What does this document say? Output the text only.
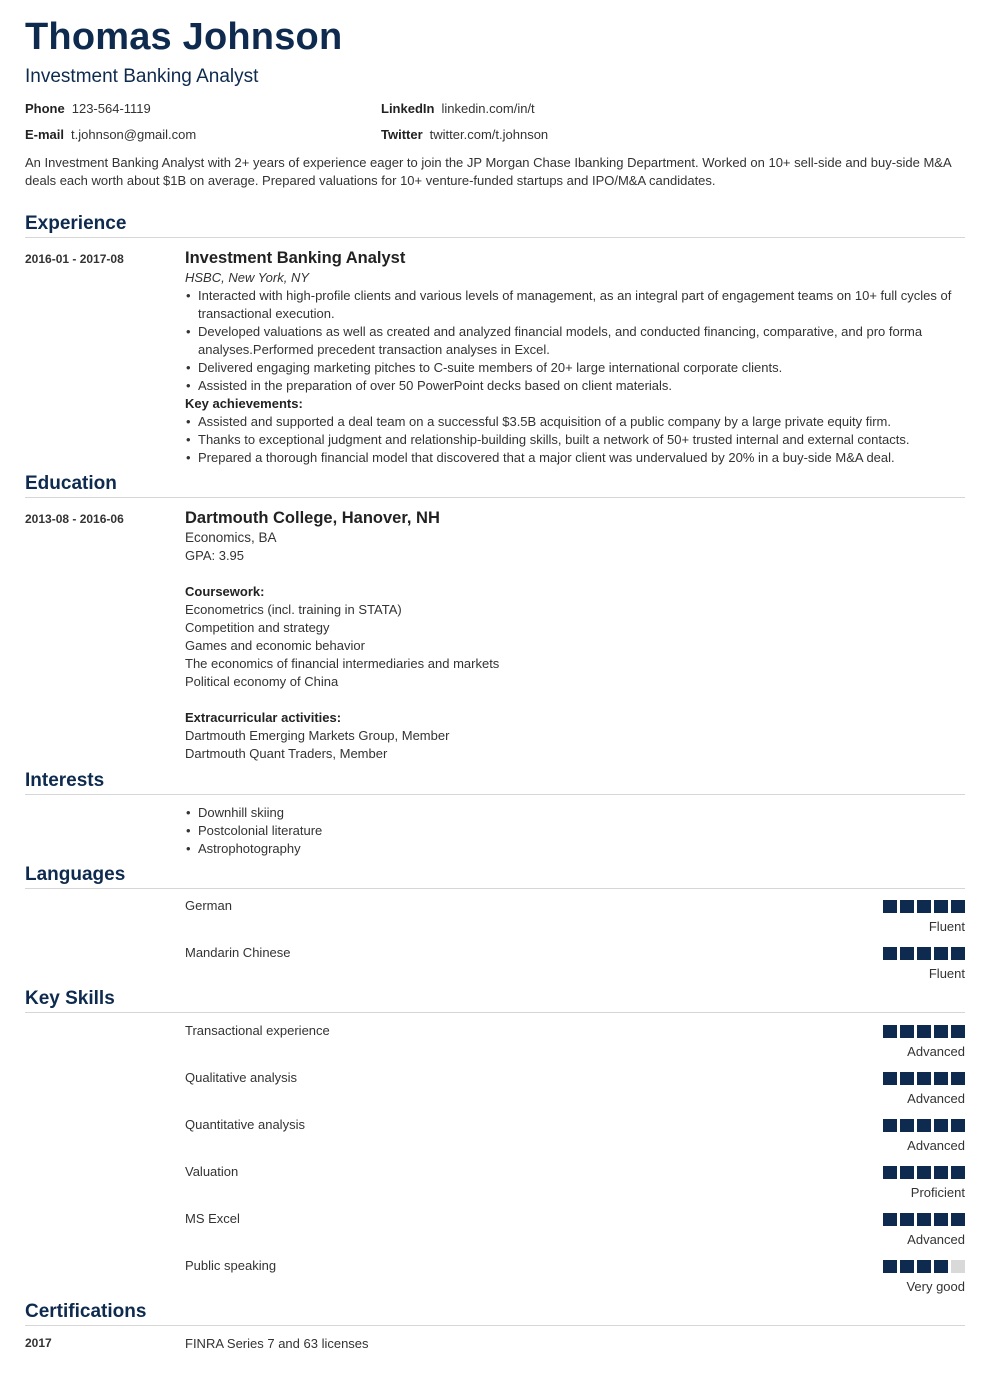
Thomas Johnson
Investment Banking Analyst
Phone 123-564-1119	LinkedIn linkedin.com/in/t
E-mail t.johnson@gmail.com	Twitter twitter.com/t.johnson
An Investment Banking Analyst with 2+ years of experience eager to join the JP Morgan Chase Ibanking Department. Worked on 10+ sell-side and buy-side M&A deals each worth about $1B on average. Prepared valuations for 10+ venture-funded startups and IPO/M&A candidates.
Experience
2016-01 - 2017-08	Investment Banking Analyst
HSBC, New York, NY
• Interacted with high-profile clients and various levels of management, as an integral part of engagement teams on 10+ full cycles of transactional execution.
• Developed valuations as well as created and analyzed financial models, and conducted financing, comparative, and pro forma analyses.Performed precedent transaction analyses in Excel.
• Delivered engaging marketing pitches to C-suite members of 20+ large international corporate clients.
• Assisted in the preparation of over 50 PowerPoint decks based on client materials.
Key achievements:
• Assisted and supported a deal team on a successful $3.5B acquisition of a public company by a large private equity firm.
• Thanks to exceptional judgment and relationship-building skills, built a network of 50+ trusted internal and external contacts.
• Prepared a thorough financial model that discovered that a major client was undervalued by 20% in a buy-side M&A deal.
Education
2013-08 - 2016-06	Dartmouth College, Hanover, NH
Economics, BA
GPA: 3.95
Coursework:
Econometrics (incl. training in STATA)
Competition and strategy
Games and economic behavior
The economics of financial intermediaries and markets
Political economy of China
Extracurricular activities:
Dartmouth Emerging Markets Group, Member
Dartmouth Quant Traders, Member
Interests
• Downhill skiing
• Postcolonial literature
• Astrophotography
Languages
German
Fluent
Mandarin Chinese
Fluent
Key Skills
Transactional experience
Advanced
Qualitative analysis
Advanced
Quantitative analysis
Advanced
Valuation
Proficient
MS Excel
Advanced
Public speaking
Very good
Certifications
2017	FINRA Series 7 and 63 licenses
